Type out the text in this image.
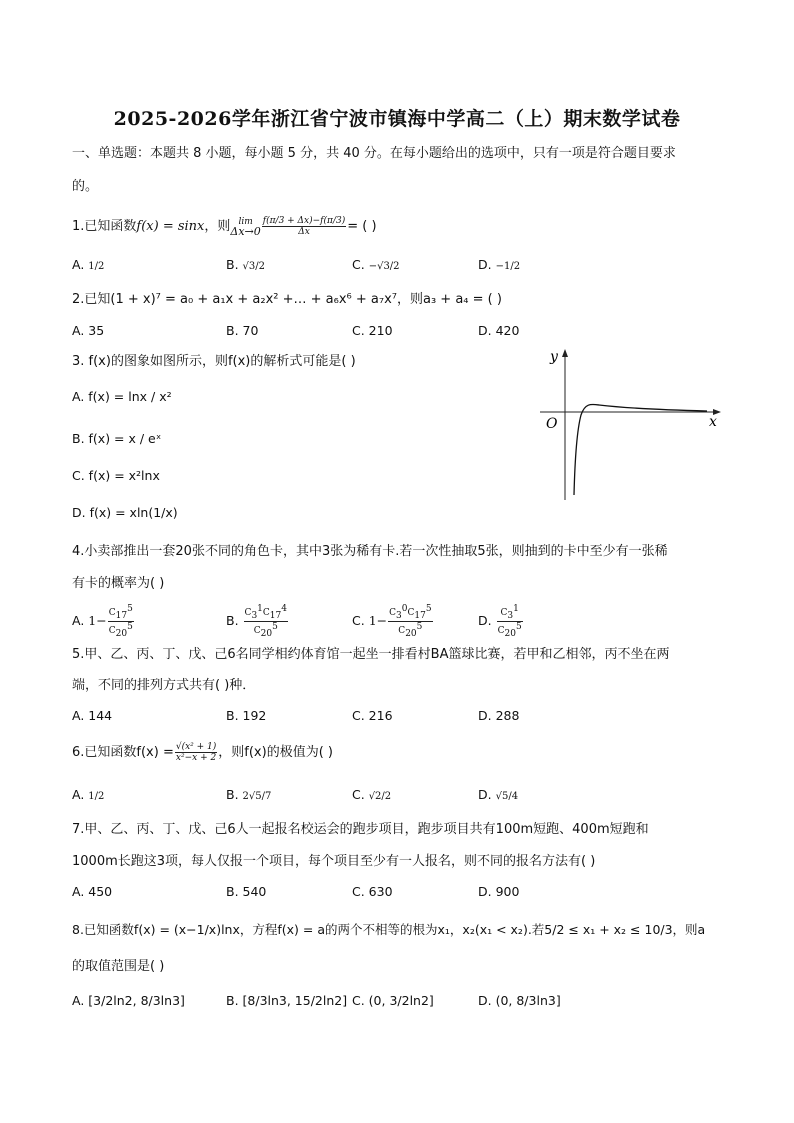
2025-2026学年浙江省宁波市镇海中学高二（上）期末数学试卷
一、单选题：本题共 8 小题，每小题 5 分，共 40 分。在每小题给出的选项中，只有一项是符合题目要求
的。
1.已知函数f(x) = sinx，则 lim
$\Delta x\to 0 \frac{f(\pi/3 + \Delta x)-f(\pi/3)}{\Delta x}$ = ( )
A. 1/2	B. √3/2	C. −√3/2	D. −1/2
2.已知(1 + x)⁷ = a₀ + a₁x + a₂x² +… + a₆x⁶ + a₇x⁷，则a₃ + a₄ = ( )
A. 35	B. 70	C. 210	D. 420
3. f(x)的图象如图所示，则f(x)的解析式可能是( )
A. f(x) = lnx / x²
B. f(x) = x / eˣ
C. f(x) = x²lnx
D. f(x) = xln(1/x)
y
x
O
4.小卖部推出一套20张不同的角色卡，其中3张为稀有卡.若一次性抽取5张，则抽到的卡中至少有一张稀
有卡的概率为( )
A. $1- \frac{C_{17}^5}{C_{20}^5}$	B. $\frac{C_3^1C_{17}^4}{C_{20}^5}$	C. $1- \frac{C_3^0C_{17}^5}{C_{20}^5}$	D. $\frac{C_3^1}{C_{20}^5}$
5.甲、乙、丙、丁、戊、己6名同学相约体育馆一起坐一排看村BA篮球比赛，若甲和乙相邻，丙不坐在两
端，不同的排列方式共有( )种．
A. 144	B. 192	C. 216	D. 288
6.已知函数$f(x) = \frac{\text{√(x² + 1)}}{\text{x²−x + 2}}$ ，则f(x)的极值为( )
A. 1/2	B. 2√5/7	C. √2/2	D. √5/4
7.甲、乙、丙、丁、戊、己6人一起报名校运会的跑步项目，跑步项目共有100m短跑、400m短跑和
1000m长跑这3项，每人仅报一个项目，每个项目至少有一人报名，则不同的报名方法有( )
A. 450	B. 540	C. 630	D. 900
8.已知函数f(x) = (x−1/x)lnx，方程f(x) = a的两个不相等的根为x₁，x₂(x₁ < x₂).若5/2 ≤ x₁ + x₂ ≤ 10/3，则a
的取值范围是( )
A. [3/2ln2, 8/3ln3]	B. [8/3ln3, 15/2ln2] C. (0, 3/2ln2]	D. (0, 8/3ln3]
